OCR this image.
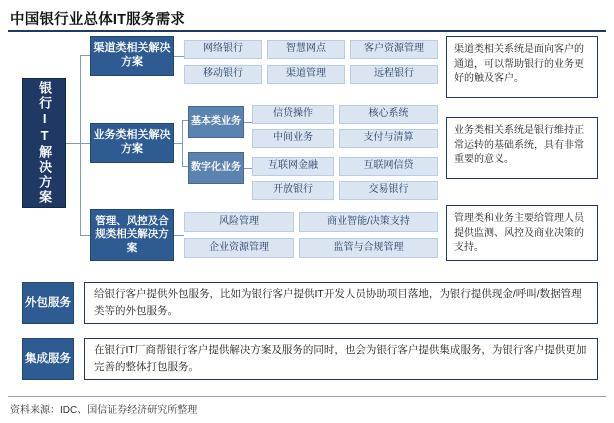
中国银行业总体IT服务需求
银行IT解决方案
渠道类相关解决方案
网络银行	智慧网点	客户资源管理
移动银行	渠道管理	远程银行
渠道类相关系统是面向客户的通道，可以帮助银行的业务更好的触及客户。
业务类相关解决方案
基本类业务
信贷操作	核心系统
中间业务	支付与清算
数字化业务	互联网金融	互联网信贷
开放银行	交易银行
业务类相关系统是银行维持正常运转的基础系统，具有非常重要的意义。
管理、风控及合规类相关解决方案
风险管理	商业智能/决策支持
企业资源管理	监管与合规管理
管理类和业务主要给管理人员提供监测、风控及商业决策的支持。
外包服务
给银行客户提供外包服务，比如为银行客户提供IT开发人员协助项目落地，为银行提供现金/呼叫/数据管理类等的外包服务。
集成服务
在银行IT厂商帮银行客户提供解决方案及服务的同时，也会为银行客户提供集成服务，为银行客户提供更加完善的整体打包服务。
资料来源：IDC、国信证券经济研究所整理
